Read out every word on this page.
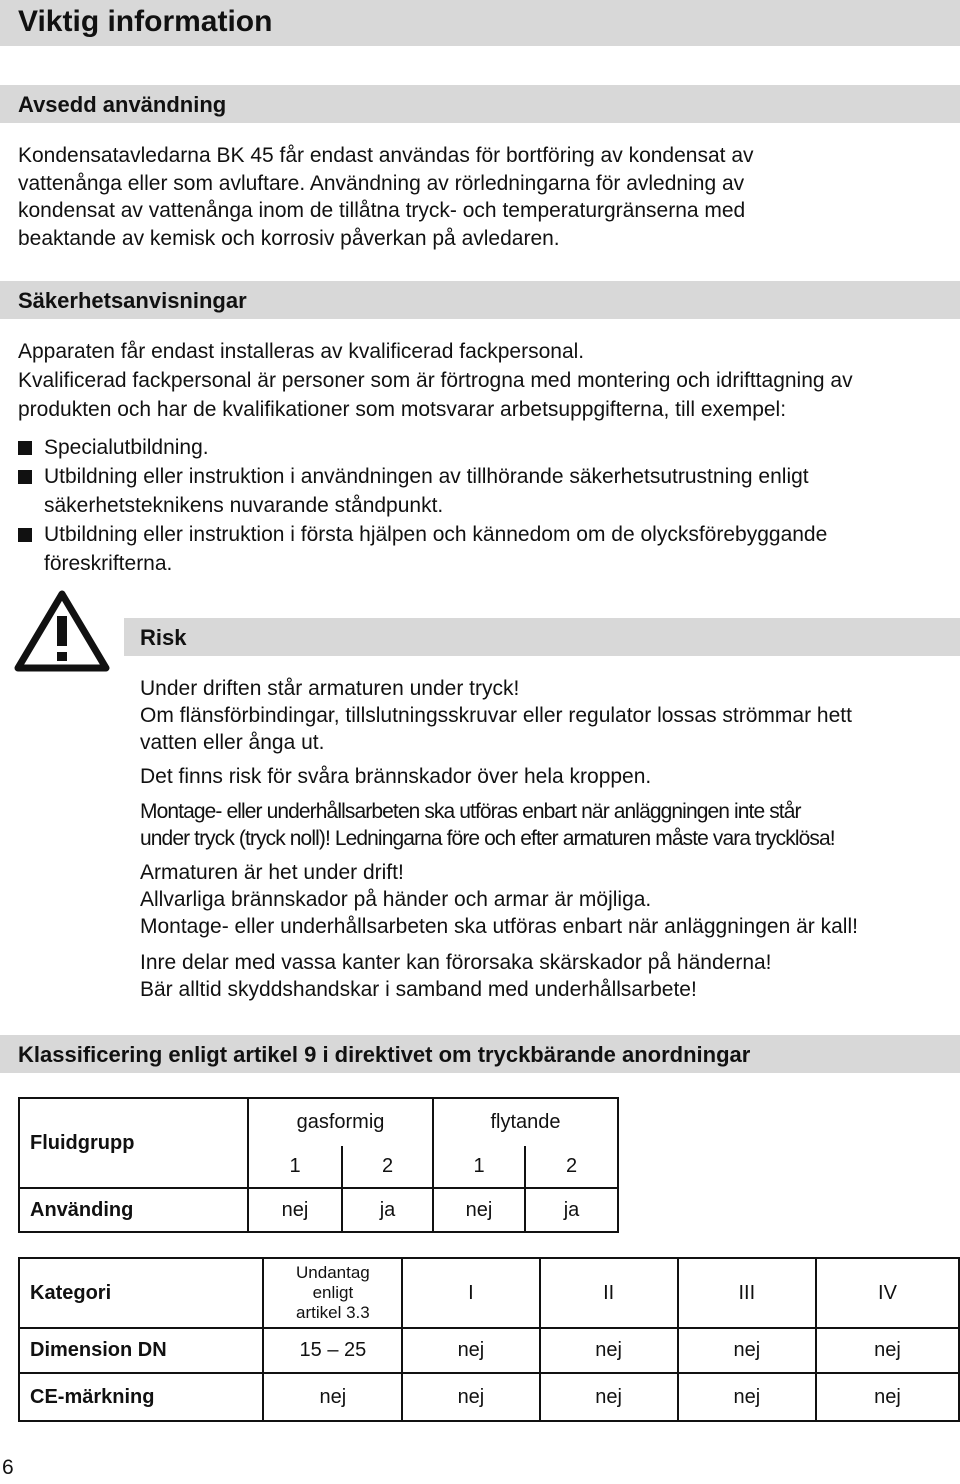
Viktig information
Avsedd användning

Kondensatavledarna BK 45 får endast användas för bortföring av kondensat av

vattenånga eller som avluftare. Användning av rörledningarna för avledning av

kondensat av vattenånga inom de tillåtna tryck- och temperaturgränserna med

beaktande av kemisk och korrosiv påverkan på avledaren.

Säkerhetsanvisningar

Apparaten får endast installeras av kvalificerad fackpersonal.

Kvalificerad fackpersonal är personer som är förtrogna med montering och idrifttagning av

produkten och har de kvalifikationer som motsvarar arbetsuppgifterna, till exempel:

Specialutbildning.

Utbildning eller instruktion i användningen av tillhörande säkerhetsutrustning enligt

säkerhetsteknikens nuvarande ståndpunkt.

Utbildning eller instruktion i första hjälpen och kännedom om de olycksförebyggande

föreskrifterna.

Risk

Under driften står armaturen under tryck!

Om flänsförbindingar, tillslutningsskruvar eller regulator lossas strömmar hett

vatten eller ånga ut.

Det finns risk för svåra brännskador över hela kroppen.

Montage- eller underhållsarbeten ska utföras enbart när anläggningen inte står

under tryck (tryck noll)! Ledningarna före och efter armaturen måste vara trycklösa!

Armaturen är het under drift!

Allvarliga brännskador på händer och armar är möjliga.

Montage- eller underhållsarbeten ska utföras enbart när anläggningen är kall!

Inre delar med vassa kanter kan förorsaka skärskador på händerna!

Bär alltid skyddshandskar i samband med underhållsarbete!

Klassificering enligt artikel 9 i direktivet om tryckbärande anordningar
Fluidgrupp	gasformig		flytande	
	1	2	1	2
Använding	nej	ja	nej	ja
Kategori	Undantag
enligt
artikel 3.3	I	II	III	IV
Dimension DN	15 – 25	nej	nej	nej	nej
CE-märkning	nej	nej	nej	nej	nej
6
